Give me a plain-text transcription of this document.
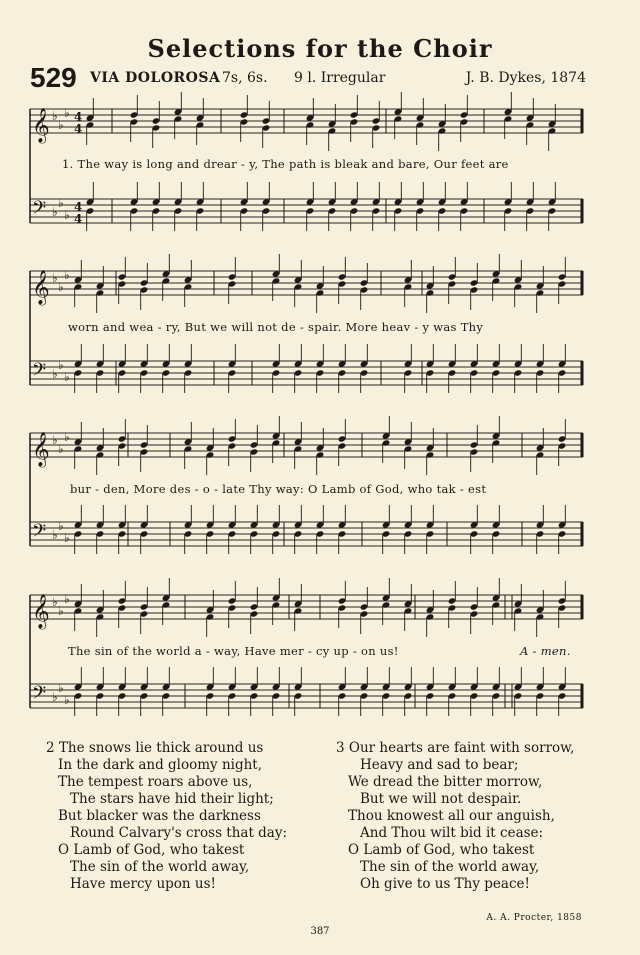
Selections for the Choir
529 VIA DOLOROSA 7s, 6s. 9 l. Irregular	J. B. Dykes, 1874
𝄞 ♭
♭
♭ 4
4
𝄢 ♭
♭
♭
4
4
𝄞 ♭
♭
♭
𝄢 ♭
♭
♭
𝄞 ♭
♭
♭
𝄢 ♭
♭
♭
𝄞 ♭
♭
♭
𝄢 ♭
♭
♭
1. The way is long and drear - y, The path is bleak and bare, Our feet are
worn and wea - ry, But we will not de - spair. More heav - y was Thy
bur - den, More des - o - late Thy way: O Lamb of God, who tak - est
The sin of the world a - way, Have mer - cy up - on us!	A - men.
2 The snows lie thick around us
In the dark and gloomy night,
The tempest roars above us,
The stars have hid their light;
But blacker was the darkness
Round Calvary's cross that day:
O Lamb of God, who takest
The sin of the world away,
Have mercy upon us!
3 Our hearts are faint with sorrow,
Heavy and sad to bear;
We dread the bitter morrow,
But we will not despair.
Thou knowest all our anguish,
And Thou wilt bid it cease:
O Lamb of God, who takest
The sin of the world away,
Oh give to us Thy peace!
A. A. Procter, 1858
387
